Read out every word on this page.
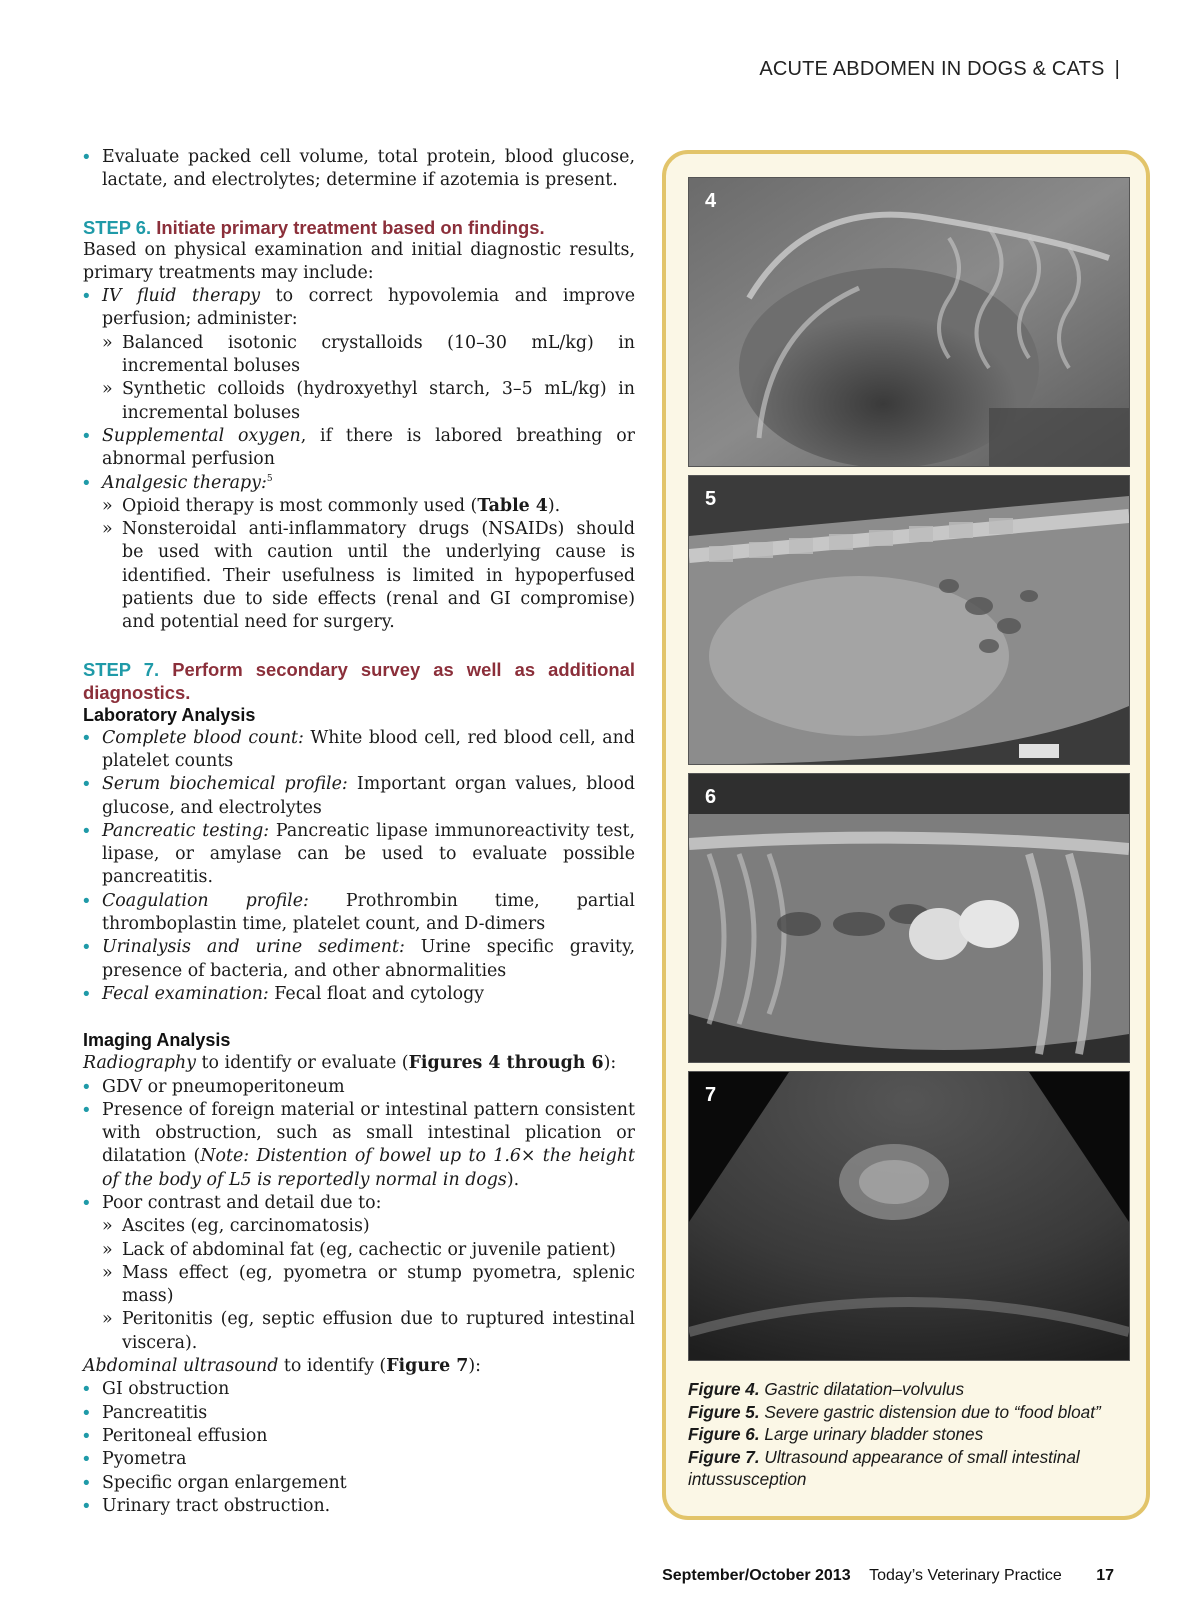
ACUTE ABDOMEN IN DOGS & CATS |
• Evaluate packed cell volume, total protein, blood glucose, lactate, and electrolytes; determine if azotemia is present.

STEP 6. Initiate primary treatment based on findings.

Based on physical examination and initial diagnostic results, primary treatments may include:

• IV fluid therapy to correct hypovolemia and improve perfusion; administer:
» Balanced isotonic crystalloids (10–30 mL/kg) in incremental boluses
» Synthetic colloids (hydroxyethyl starch, 3–5 mL/kg) in incremental boluses
• Supplemental oxygen, if there is labored breathing or abnormal perfusion
• Analgesic therapy:$^5$
» Opioid therapy is most commonly used (Table 4).
» Nonsteroidal anti-inflammatory drugs (NSAIDs) should be used with caution until the underlying cause is identified. Their usefulness is limited in hypoperfused patients due to side effects (renal and GI compromise) and potential need for surgery.

STEP 7. Perform secondary survey as well as additional diagnostics.

Laboratory Analysis

• Complete blood count: White blood cell, red blood cell, and platelet counts
• Serum biochemical profile: Important organ values, blood glucose, and electrolytes
• Pancreatic testing: Pancreatic lipase immunoreactivity test, lipase, or amylase can be used to evaluate possible pancreatitis.
• Coagulation profile: Prothrombin time, partial thromboplastin time, platelet count, and D-dimers
• Urinalysis and urine sediment: Urine specific gravity, presence of bacteria, and other abnormalities
• Fecal examination: Fecal float and cytology

Imaging Analysis

Radiography to identify or evaluate (Figures 4 through 6):

• GDV or pneumoperitoneum
• Presence of foreign material or intestinal pattern consistent with obstruction, such as small intestinal plication or dilatation (Note: Distention of bowel up to 1.6× the height of the body of L5 is reportedly normal in dogs).
• Poor contrast and detail due to:
» Ascites (eg, carcinomatosis)
» Lack of abdominal fat (eg, cachectic or juvenile patient)
» Mass effect (eg, pyometra or stump pyometra, splenic mass)
» Peritonitis (eg, septic effusion due to ruptured intestinal viscera).

Abdominal ultrasound to identify (Figure 7):

• GI obstruction
• Pancreatitis
• Peritoneal effusion
• Pyometra
• Specific organ enlargement
• Urinary tract obstruction.
4
5
6
7

Figure 4. Gastric dilatation–volvulus

Figure 5. Severe gastric distension due to “food bloat”

Figure 6. Large urinary bladder stones

Figure 7. Ultrasound appearance of small intestinal intussusception

September/October 2013 Today’s Veterinary Practice 17
